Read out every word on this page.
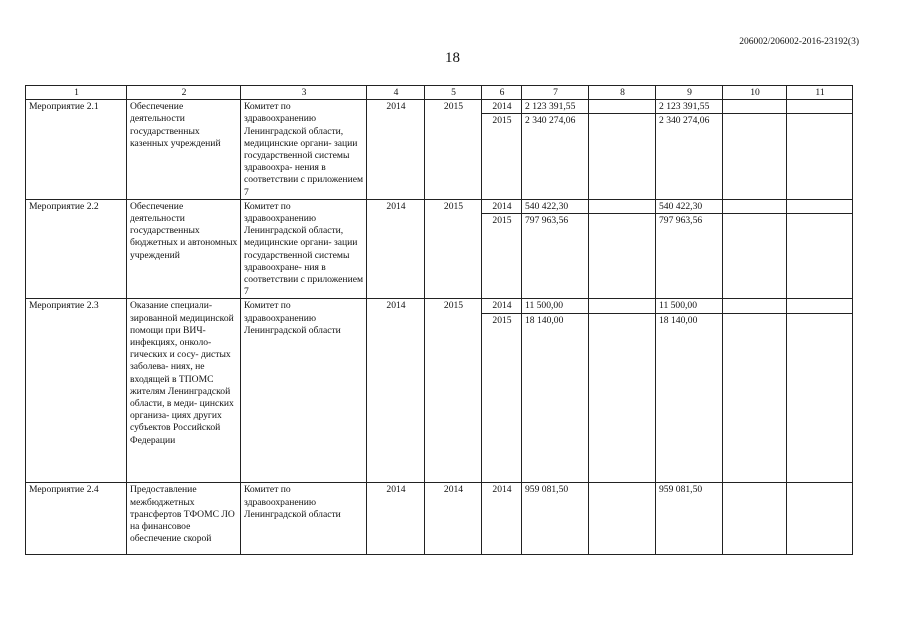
206002/206002-2016-23192(3)
18
1	2	3	4	5	6	7	8	9	10	11
Мероприятие 2.1	Обеспечение деятельности государственных казенных учреждений	Комитет по здравоохранению Ленинградской области, медицинские органи- зации государственной системы здравоохра- нения в соответствии с приложением 7	2014	2015	2014	2 123 391,55		2 123 391,55		
					2015	2 340 274,06		2 340 274,06		
Мероприятие 2.2	Обеспечение деятельности государственных бюджетных и автономных учреждений	Комитет по здравоохранению Ленинградской области, медицинские органи- зации государственной системы здравоохране- ния в соответствии с приложением 7	2014	2015	2014	540 422,30		540 422,30		
					2015	797 963,56		797 963,56		
Мероприятие 2.3	Оказание специали- зированной медицинской помощи при ВИЧ- инфекциях, онколо- гических и сосу- дистых заболева- ниях, не входящей в ТПОМС жителям Ленинградской области, в меди- цинских организа- циях других субъектов Российской Федерации	Комитет по здравоохранению Ленинградской области	2014	2015	2014	11 500,00		11 500,00		
					2015	18 140,00		18 140,00		
Мероприятие 2.4	Предоставление межбюджетных трансфертов ТФОМС ЛО на финансовое обеспечение скорой	Комитет по здравоохранению Ленинградской области	2014	2014	2014	959 081,50		959 081,50		
